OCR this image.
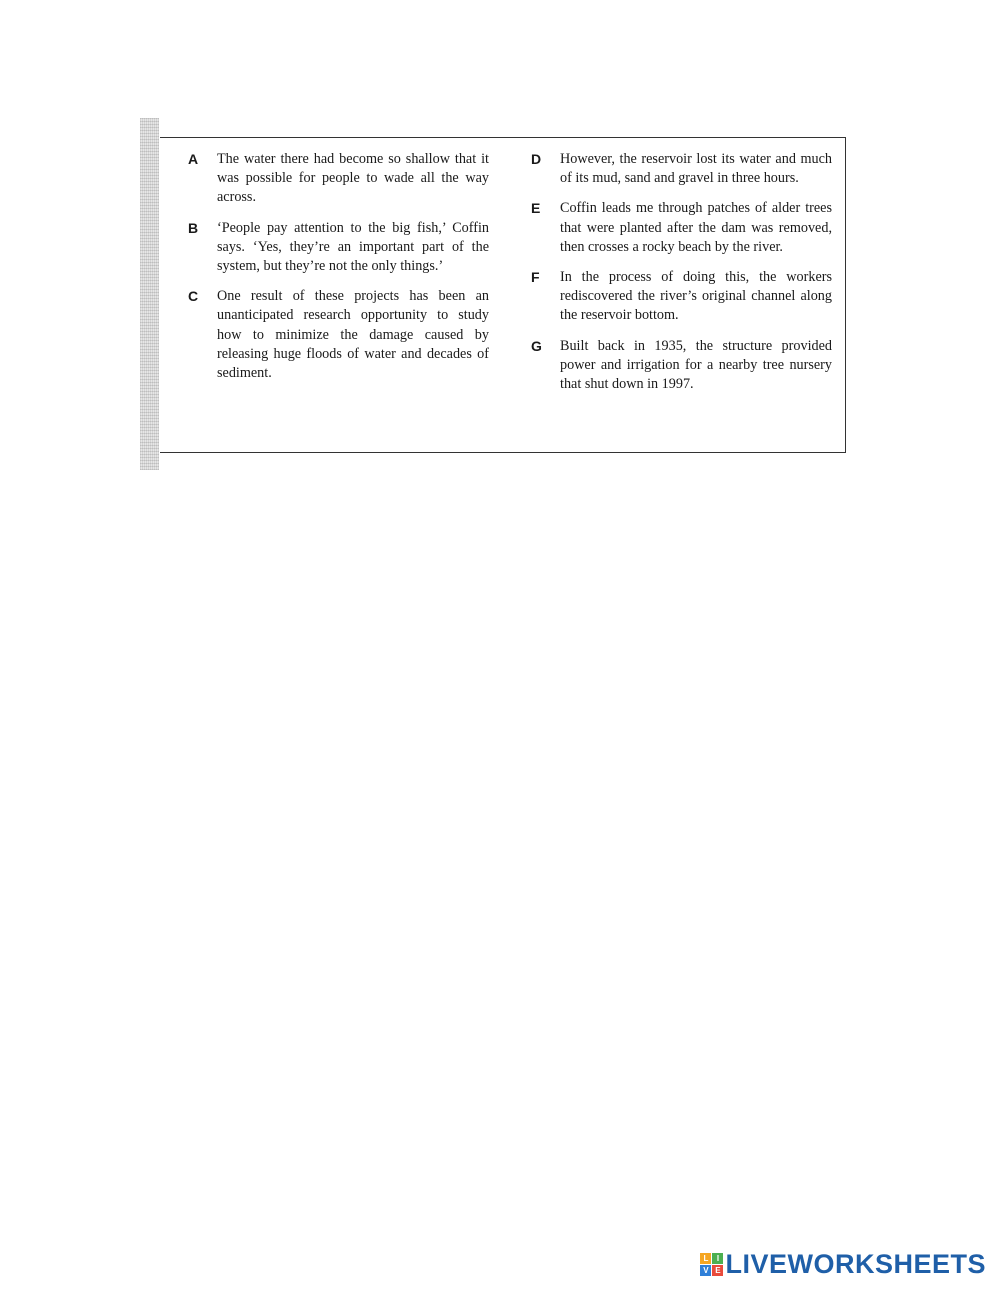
A	The water there had become so shallow that it was possible for people to wade all the way across.
B	‘People pay attention to the big fish,’ Coffin says. ‘Yes, they’re an important part of the system, but they’re not the only things.’
C	One result of these projects has been an unanticipated research opportunity to study how to minimize the damage caused by releasing huge floods of water and decades of sediment.
D	However, the reservoir lost its water and much of its mud, sand and gravel in three hours.
E	Coffin leads me through patches of alder trees that were planted after the dam was removed, then crosses a rocky beach by the river.
F	In the process of doing this, the workers rediscovered the river’s original channel along the reservoir bottom.
G	Built back in 1935, the structure provided power and irrigation for a nearby tree nursery that shut down in 1997.
L	I
V E LIVEWORKSHEETS
